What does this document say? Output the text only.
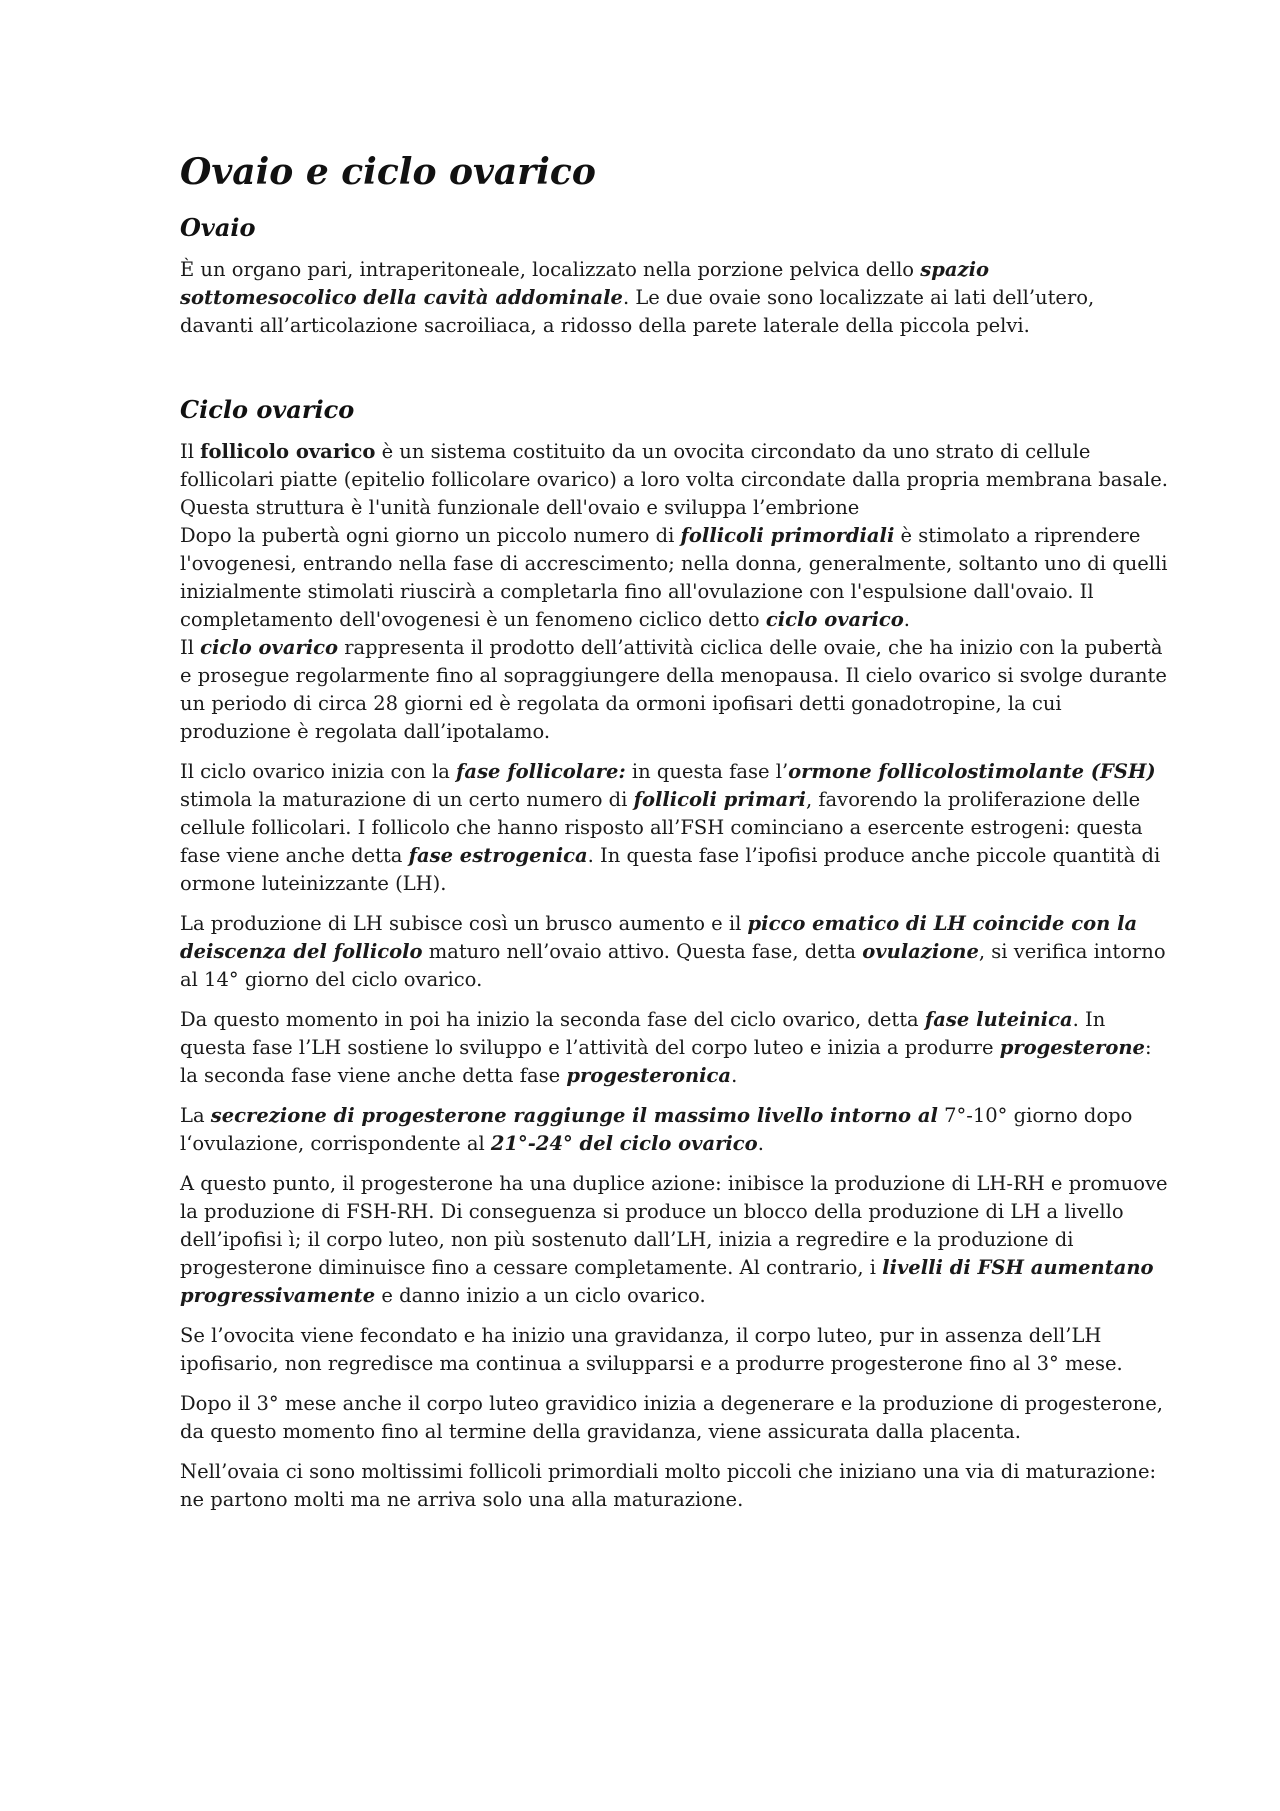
Ovaio e ciclo ovarico
Ovaio

È un organo pari, intraperitoneale, localizzato nella porzione pelvica dello spazio sottomesocolico della cavità addominale. Le due ovaie sono localizzate ai lati dell’utero, davanti all’articolazione sacroiliaca, a ridosso della parete laterale della piccola pelvi.

Ciclo ovarico

Il follicolo ovarico è un sistema costituito da un ovocita circondato da uno strato di cellule follicolari piatte (epitelio follicolare ovarico) a loro volta circondate dalla propria membrana basale. Questa struttura è l'unità funzionale dell'ovaio e sviluppa l’embrione

Dopo la pubertà ogni giorno un piccolo numero di follicoli primordiali è stimolato a riprendere l'ovogenesi, entrando nella fase di accrescimento; nella donna, generalmente, soltanto uno di quelli inizialmente stimolati riuscirà a completarla fino all'ovulazione con l'espulsione dall'ovaio. Il completamento dell'ovogenesi è un fenomeno ciclico detto ciclo ovarico.

Il ciclo ovarico rappresenta il prodotto dell’attività ciclica delle ovaie, che ha inizio con la pubertà e prosegue regolarmente fino al sopraggiungere della menopausa. Il cielo ovarico si svolge durante un periodo di circa 28 giorni ed è regolata da ormoni ipofisari detti gonadotropine, la cui produzione è regolata dall’ipotalamo.

Il ciclo ovarico inizia con la fase follicolare: in questa fase l’ormone follicolostimolante (FSH) stimola la maturazione di un certo numero di follicoli primari, favorendo la proliferazione delle cellule follicolari. I follicolo che hanno risposto all’FSH cominciano a esercente estrogeni: questa fase viene anche detta fase estrogenica. In questa fase l’ipofisi produce anche piccole quantità di ormone luteinizzante (LH).

La produzione di LH subisce così un brusco aumento e il picco ematico di LH coincide con la deiscenza del follicolo maturo nell’ovaio attivo. Questa fase, detta ovulazione, si verifica intorno al 14° giorno del ciclo ovarico.

Da questo momento in poi ha inizio la seconda fase del ciclo ovarico, detta fase luteinica. In questa fase l’LH sostiene lo sviluppo e l’attività del corpo luteo e inizia a produrre progesterone: la seconda fase viene anche detta fase progesteronica.

La secrezione di progesterone raggiunge il massimo livello intorno al 7°-10° giorno dopo l‘ovulazione, corrispondente al 21°-24° del ciclo ovarico.

A questo punto, il progesterone ha una duplice azione: inibisce la produzione di LH-RH e promuove la produzione di FSH-RH. Di conseguenza si produce un blocco della produzione di LH a livello dell’ipofisi ì; il corpo luteo, non più sostenuto dall’LH, inizia a regredire e la produzione di progesterone diminuisce fino a cessare completamente. Al contrario, i livelli di FSH aumentano progressivamente e danno inizio a un ciclo ovarico.

Se l’ovocita viene fecondato e ha inizio una gravidanza, il corpo luteo, pur in assenza dell’LH ipofisario, non regredisce ma continua a svilupparsi e a produrre progesterone fino al 3° mese.

Dopo il 3° mese anche il corpo luteo gravidico inizia a degenerare e la produzione di progesterone, da questo momento fino al termine della gravidanza, viene assicurata dalla placenta.

Nell’ovaia ci sono moltissimi follicoli primordiali molto piccoli che iniziano una via di maturazione: ne partono molti ma ne arriva solo una alla maturazione.
